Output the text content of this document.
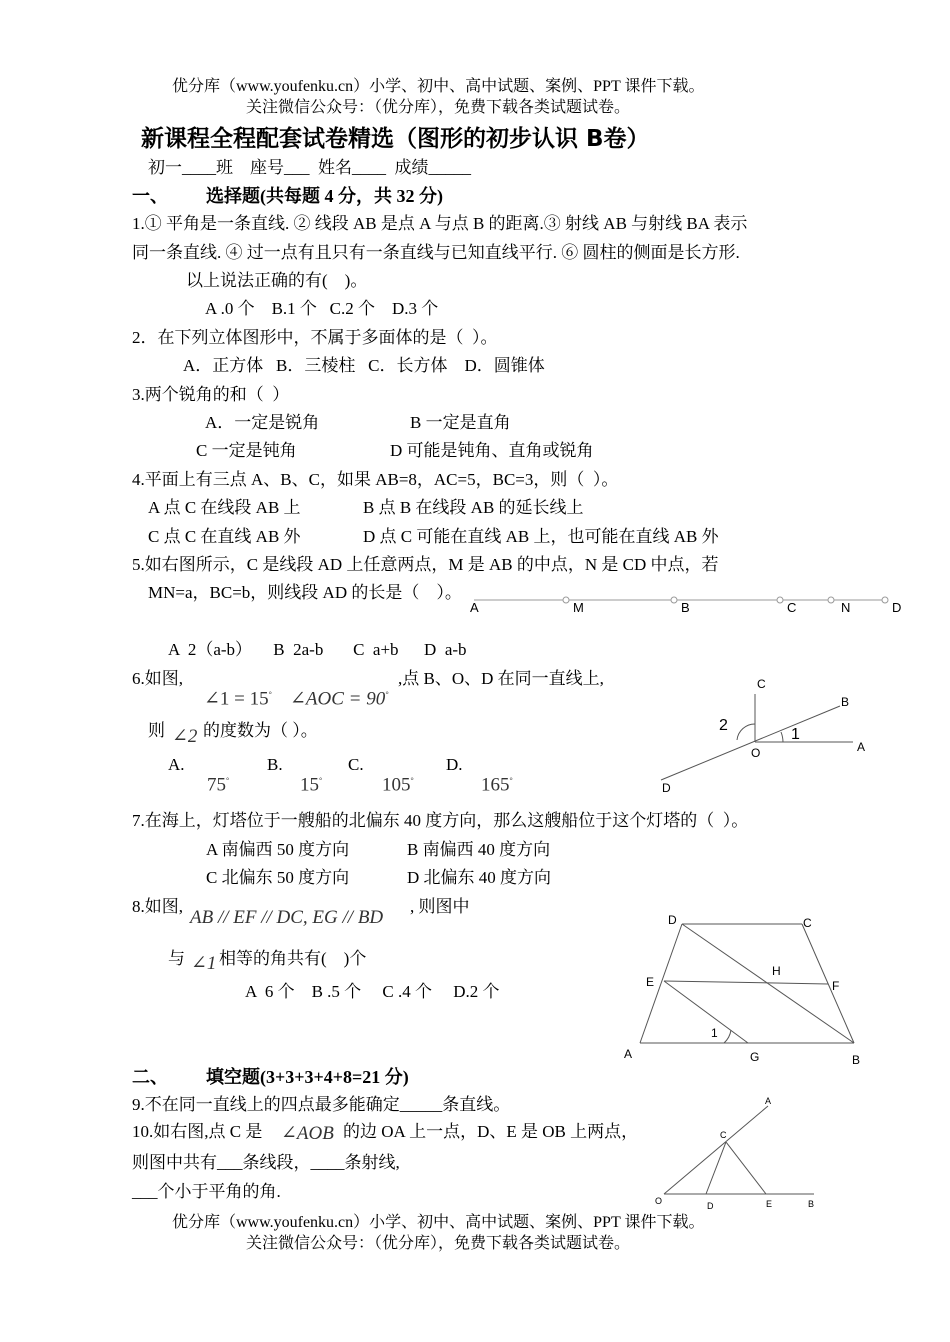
优分库（www.youfenku.cn）小学、初中、高中试题、案例、PPT 课件下载。
关注微信公众号：（优分库），免费下载各类试题试卷。
新课程全程配套试卷精选（图形的初步认识 B卷）
初一____班    座号___  姓名____  成绩_____
一、 选择题(共每题 4 分，共 32 分)
1.① 平角是一条直线. ② 线段 AB 是点 A 与点 B 的距离.③ 射线 AB 与射线 BA 表示
同一条直线. ④ 过一点有且只有一条直线与已知直线平行. ⑥ 圆柱的侧面是长方形.
以上说法正确的有(    )。
A .0 个    B.1 个   C.2 个    D.3 个
2．在下列立体图形中，不属于多面体的是（  ）。
A．正方体   B．三棱柱   C．长方体    D．圆锥体
3.两个锐角的和（  ）
A．一定是锐角	B 一定是直角
C 一定是钝角	D 可能是钝角、直角或锐角
4.平面上有三点 A、B、C，如果 AB=8，AC=5，BC=3，则（  ）。
A 点 C 在线段 AB 上	B 点 B 在线段 AB 的延长线上
C 点 C 在直线 AB 外	D 点 C 可能在直线 AB 上，也可能在直线 AB 外
5.如右图所示，C 是线段 AD 上任意两点，M 是 AB 的中点，N 是 CD 中点，若
MN=a，BC=b，则线段 AD 的长是（    ）。
A	M	B	C	N	D
A  2（a-b）     B  2a-b       C  a+b      D  a-b
6.如图,
∠1 = 15° ∠AOC = 90°
,点 B、O、D 在同一直线上,
则 ∠2 的度数为（ ）。
A.
75°
B.
15°
C.
105°
D.
165°
C
B
A
O
D
1
2
7.在海上，灯塔位于一艘船的北偏东 40 度方向，那么这艘船位于这个灯塔的（  ）。
A 南偏西 50 度方向	B 南偏西 40 度方向
C 北偏东 50 度方向	D 北偏东 40 度方向
8.如图,
AB // EF // DC, EG // BD
, 则图中
与 ∠1 相等的角共有(    )个
A  6 个    B .5 个     C .4 个     D.2 个
D	C
E
H
F
A	G	B
1
二、 填空题(3+3+3+4+8=21 分)
9.不在同一直线上的四点最多能确定_____条直线。
10.如右图,点 C 是 ∠AOB 的边 OA 上一点，D、E 是 OB 上两点，
则图中共有___条线段，____条射线,
___个小于平角的角.
A
C
O	D	E	B
优分库（www.youfenku.cn）小学、初中、高中试题、案例、PPT 课件下载。
关注微信公众号：（优分库），免费下载各类试题试卷。
